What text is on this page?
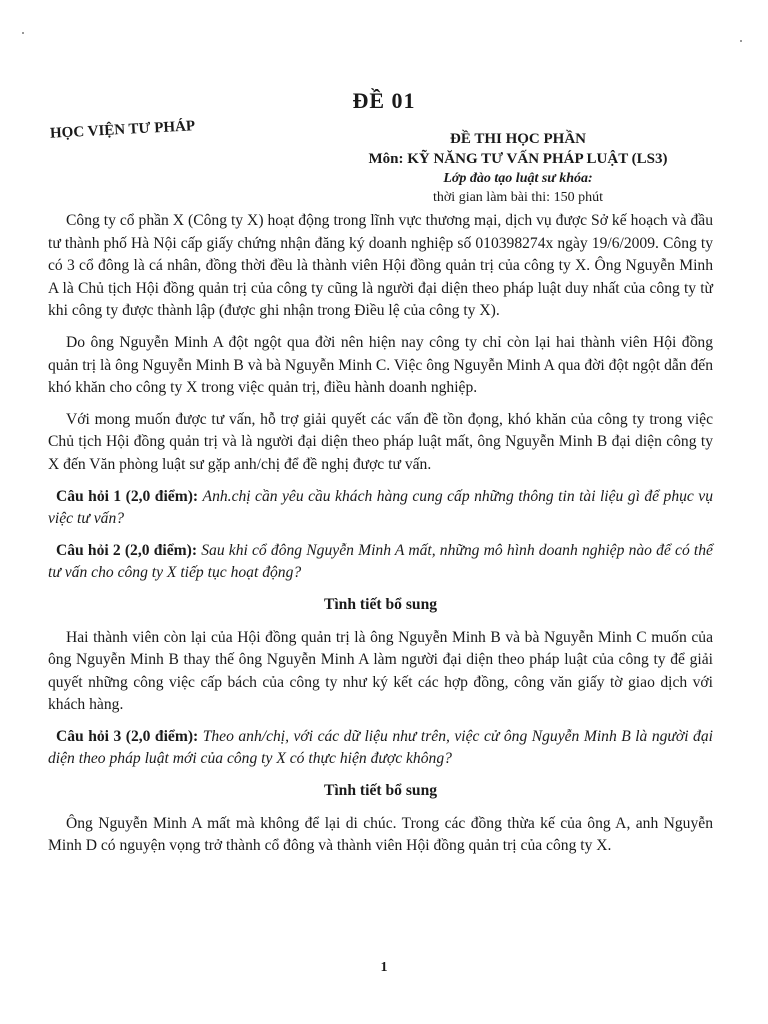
ĐỀ 01
HỌC VIỆN TƯ PHÁP	ĐỀ THI HỌC PHẦN
Môn: KỸ NĂNG TƯ VẤN PHÁP LUẬT (LS3)
Lớp đào tạo luật sư khóa:
thời gian làm bài thi: 150 phút

Công ty cổ phần X (Công ty X) hoạt động trong lĩnh vực thương mại, dịch vụ được Sở kế hoạch và đầu tư thành phố Hà Nội cấp giấy chứng nhận đăng ký doanh nghiệp số 010398274x ngày 19/6/2009. Công ty có 3 cổ đông là cá nhân, đồng thời đều là thành viên Hội đồng quản trị của công ty X. Ông Nguyễn Minh A là Chủ tịch Hội đồng quản trị của công ty cũng là người đại diện theo pháp luật duy nhất của công ty từ khi công ty được thành lập (được ghi nhận trong Điều lệ của công ty X).

Do ông Nguyễn Minh A đột ngột qua đời nên hiện nay công ty chỉ còn lại hai thành viên Hội đồng quản trị là ông Nguyễn Minh B và bà Nguyễn Minh C. Việc ông Nguyễn Minh A qua đời đột ngột dẫn đến khó khăn cho công ty X trong việc quản trị, điều hành doanh nghiệp.

Với mong muốn được tư vấn, hỗ trợ giải quyết các vấn đề tồn đọng, khó khăn của công ty trong việc Chủ tịch Hội đồng quản trị và là người đại diện theo pháp luật mất, ông Nguyễn Minh B đại diện công ty X đến Văn phòng luật sư gặp anh/chị để đề nghị được tư vấn.

Câu hỏi 1 (2,0 điểm): Anh.chị cần yêu cầu khách hàng cung cấp những thông tin tài liệu gì để phục vụ việc tư vấn?

Câu hỏi 2 (2,0 điểm): Sau khi cổ đông Nguyễn Minh A mất, những mô hình doanh nghiệp nào để có thể tư vấn cho công ty X tiếp tục hoạt động?

Tình tiết bổ sung

Hai thành viên còn lại của Hội đồng quản trị là ông Nguyễn Minh B và bà Nguyễn Minh C muốn của ông Nguyễn Minh B thay thế ông Nguyễn Minh A làm người đại diện theo pháp luật của công ty để giải quyết những công việc cấp bách của công ty như ký kết các hợp đồng, công văn giấy tờ giao dịch với khách hàng.

Câu hỏi 3 (2,0 điểm): Theo anh/chị, với các dữ liệu như trên, việc cử ông Nguyễn Minh B là người đại diện theo pháp luật mới của công ty X có thực hiện được không?

Tình tiết bổ sung

Ông Nguyễn Minh A mất mà không để lại di chúc. Trong các đồng thừa kế của ông A, anh Nguyễn Minh D có nguyện vọng trở thành cổ đông và thành viên Hội đồng quản trị của công ty X.

1
